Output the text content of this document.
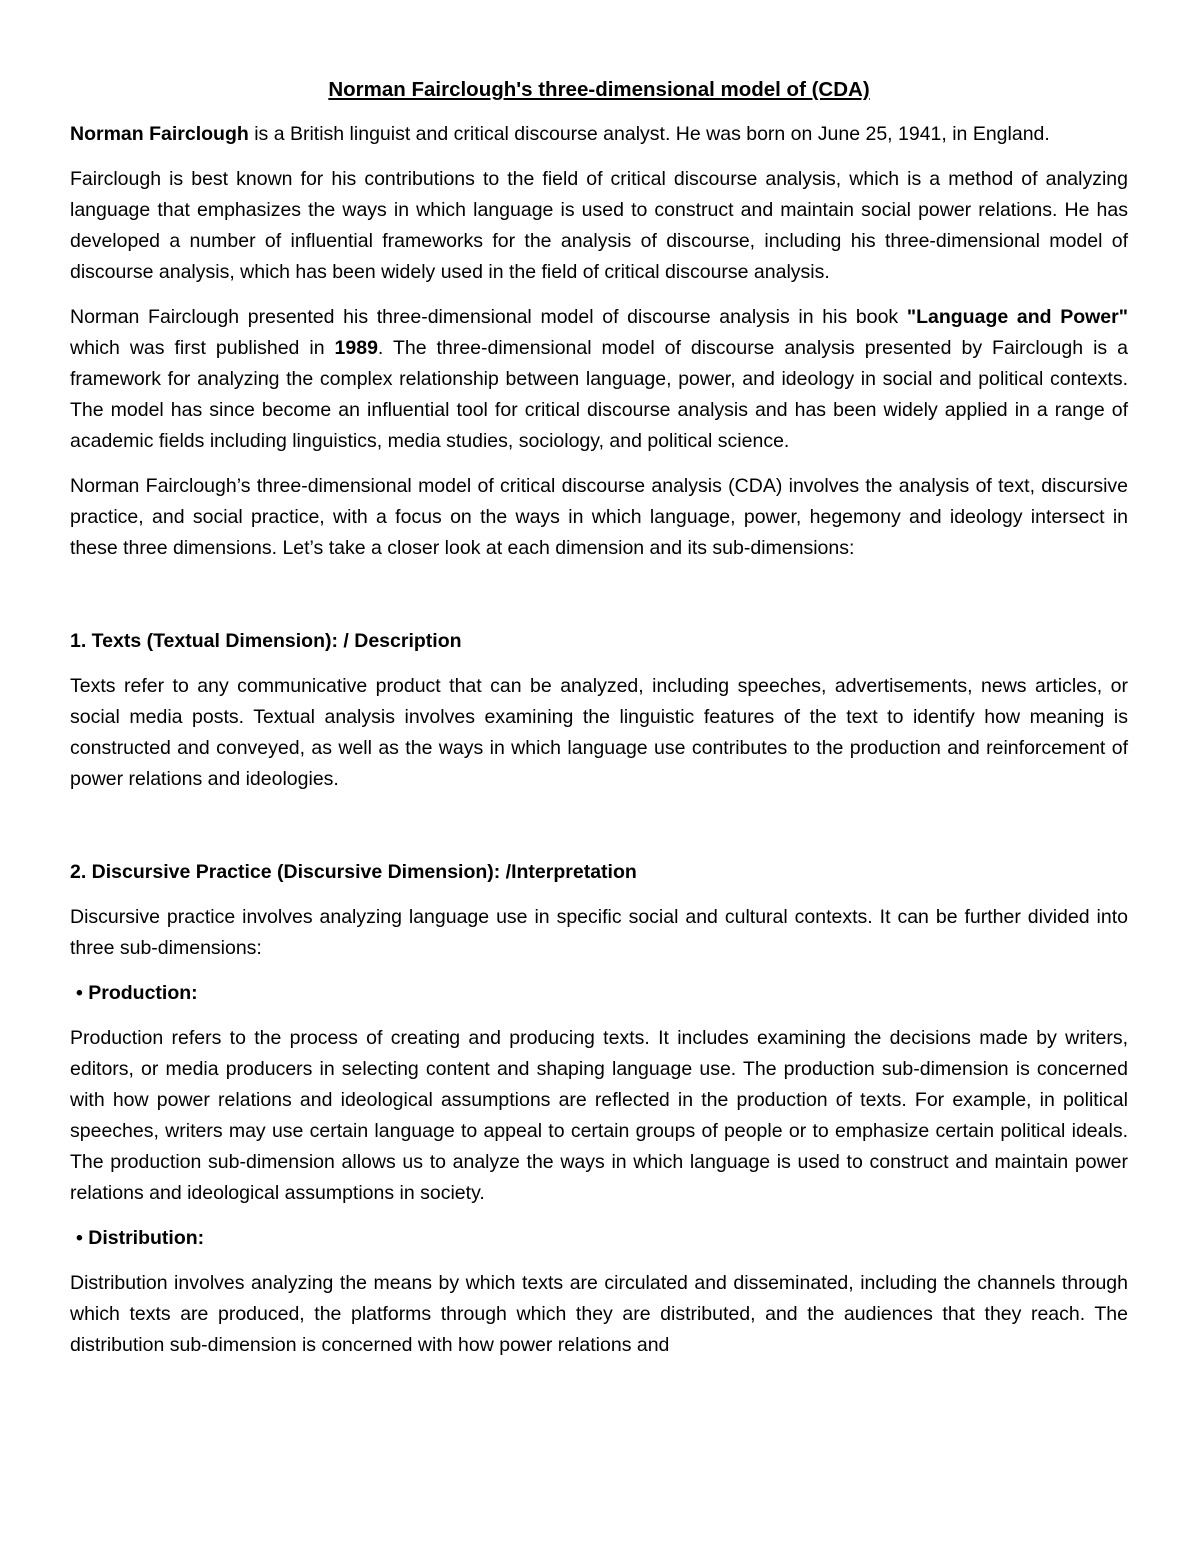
Norman Fairclough's three-dimensional model of (CDA)

Norman Fairclough is a British linguist and critical discourse analyst. He was born on June 25, 1941, in England.

Fairclough is best known for his contributions to the field of critical discourse analysis, which is a method of analyzing language that emphasizes the ways in which language is used to construct and maintain social power relations. He has developed a number of influential frameworks for the analysis of discourse, including his three-dimensional model of discourse analysis, which has been widely used in the field of critical discourse analysis.

Norman Fairclough presented his three-dimensional model of discourse analysis in his book "Language and Power" which was first published in 1989. The three-dimensional model of discourse analysis presented by Fairclough is a framework for analyzing the complex relationship between language, power, and ideology in social and political contexts. The model has since become an influential tool for critical discourse analysis and has been widely applied in a range of academic fields including linguistics, media studies, sociology, and political science.

Norman Fairclough’s three-dimensional model of critical discourse analysis (CDA) involves the analysis of text, discursive practice, and social practice, with a focus on the ways in which language, power, hegemony and ideology intersect in these three dimensions. Let’s take a closer look at each dimension and its sub-dimensions:

1. Texts (Textual Dimension): / Description

Texts refer to any communicative product that can be analyzed, including speeches, advertisements, news articles, or social media posts. Textual analysis involves examining the linguistic features of the text to identify how meaning is constructed and conveyed, as well as the ways in which language use contributes to the production and reinforcement of power relations and ideologies.

2. Discursive Practice (Discursive Dimension): /Interpretation

Discursive practice involves analyzing language use in specific social and cultural contexts. It can be further divided into three sub-dimensions:

• Production:

Production refers to the process of creating and producing texts. It includes examining the decisions made by writers, editors, or media producers in selecting content and shaping language use. The production sub-dimension is concerned with how power relations and ideological assumptions are reflected in the production of texts. For example, in political speeches, writers may use certain language to appeal to certain groups of people or to emphasize certain political ideals. The production sub-dimension allows us to analyze the ways in which language is used to construct and maintain power relations and ideological assumptions in society.

• Distribution:

Distribution involves analyzing the means by which texts are circulated and disseminated, including the channels through which texts are produced, the platforms through which they are distributed, and the audiences that they reach. The distribution sub-dimension is concerned with how power relations and
